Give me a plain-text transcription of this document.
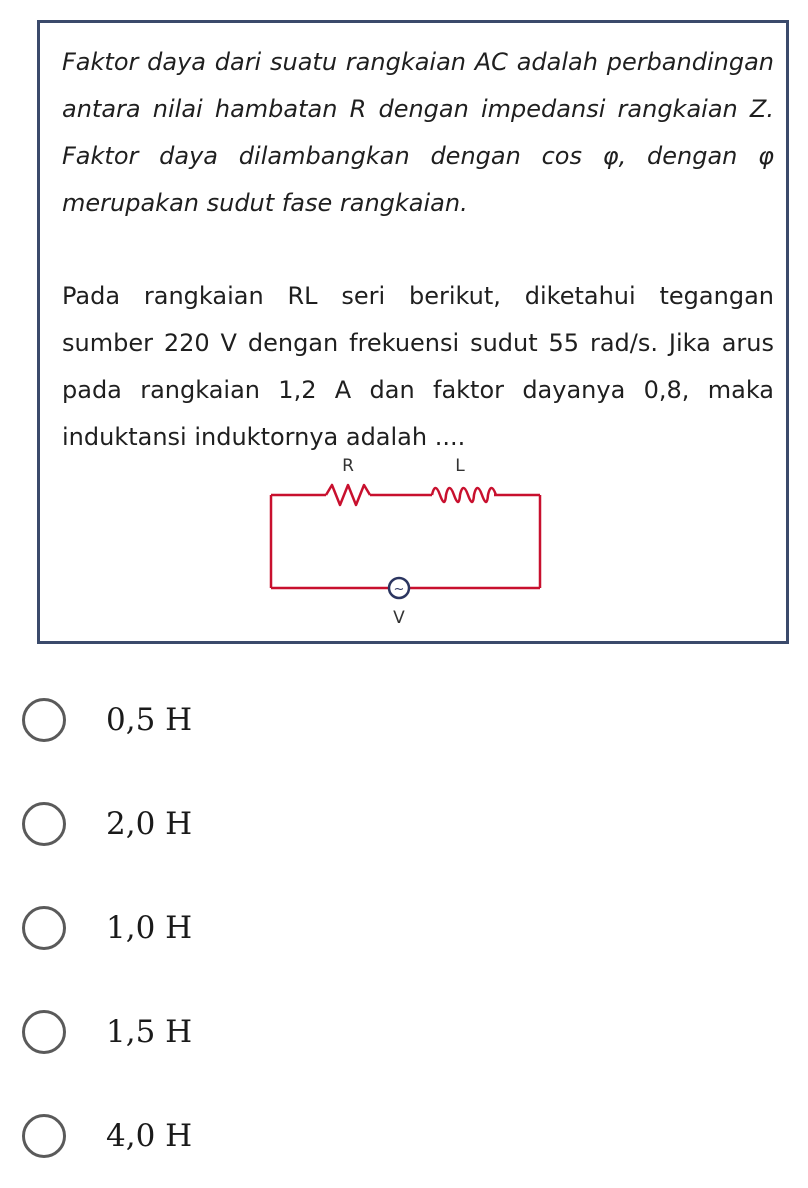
Faktor daya dari suatu rangkaian AC adalah perbandingan antara nilai hambatan R dengan impedansi rangkaian Z. Faktor daya dilambangkan dengan cos φ, dengan φ merupakan sudut fase rangkaian.

Pada rangkaian RL seri berikut, diketahui tegangan sumber 220 V dengan frekuensi sudut 55 rad/s. Jika arus pada rangkaian 1,2 A dan faktor dayanya 0,8, maka induktansi induktornya adalah ....

~
R	L
V
0,5 H
2,0 H
1,0 H
1,5 H
4,0 H
